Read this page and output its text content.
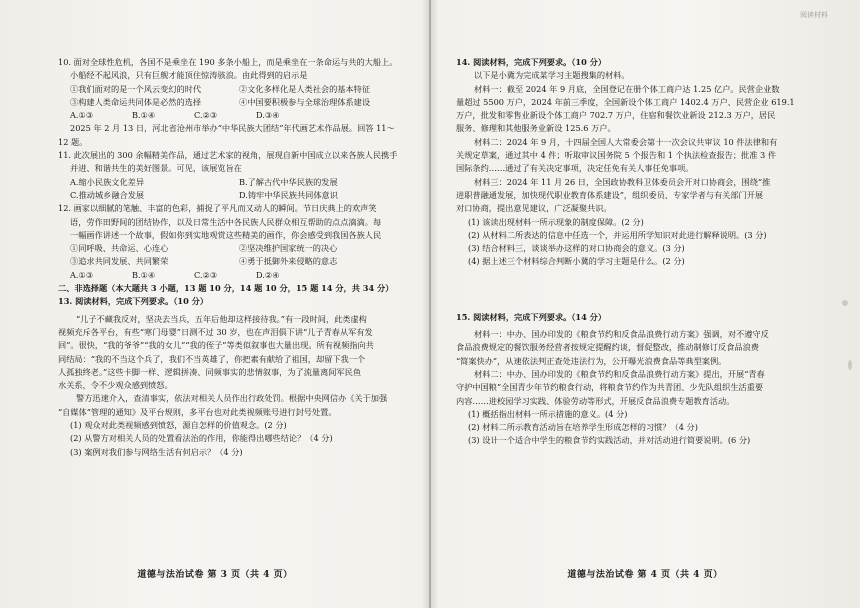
10. 面对全球性危机，各国不是乘坐在 190 多条小船上，而是乘坐在一条命运与共的大船上。
小船经不起风浪，只有巨舰才能顶住惊涛骇浪。由此得到的启示是
①我们面对的是一个风云变幻的时代	②文化多样化是人类社会的基本特征
③构建人类命运共同体是必然的选择	④中国要积极参与全球治理体系建设
A.①③	B.①④	C.②③	D.③④
2025 年 2 月 13 日，河北省沧州市举办“中华民族大团结”年代画艺术作品展。回答 11～
12 题。
11. 此次展出的 300 余幅精美作品，通过艺术家的视角，展现自新中国成立以来各族人民携手
并进、和谐共生的美好图景。可见，该展览旨在
A.缩小民族文化差异	B.了解古代中华民族的发展
C.推动城乡融合发展	D.铸牢中华民族共同体意识
12. 画家以细腻的笔触、丰富的色彩，捕捉了平凡而又动人的瞬间。节日庆典上的欢声笑
语，劳作田野间的团结协作，以及日常生活中各民族人民群众相互帮助的点点滴滴。每
一幅画作讲述一个故事，假如你到实地观赏这些精美的画作，你会感受到我国各族人民
①同呼吸、共命运、心连心	②坚决维护国家统一的决心
③追求共同发展、共同繁荣	④勇于抵御外来侵略的意志
A.①③	B.①④	C.②③	D.②④
二、非选择题（本大题共 3 小题，13 题 10 分，14 题 10 分，15 题 14 分，共 34 分）
13. 阅读材料，完成下列要求。（10 分）
“儿子不藏我反对，坚决去当兵，五年后他却这样接待我。”有一段时间，此类虚构
视频充斥各平台，有些“寒门母婴”日测不过 30 岁，也在声泪俱下讲“儿子青春从军有发
回”。很快，“我的爷爷”“我的女儿”“我的侄子”等类似叙事也大量出现。所有视频指向共
同结局：“我的不当这个兵了，我们不当英雄了，你把素有献给了祖国，却留下我一个
人孤独终老。”这些卡脚一样、逻辑拼凑、同频事实的悲情叙事，为了流量离间军民鱼
水关系，令不少观众感到愤怒。
警方迅速介入，查清事实，依法对相关人员作出行政处罚。根据中央网信办《关于加强
“自媒体”管理的通知》及平台规则，多平台也对此类视频账号进行封号处置。
(1) 观众对此类视频感到愤怒，源自怎样的价值观念。(2 分)
(2) 从警方对相关人员的处置看法治的作用，你能得出哪些结论？（4 分)
(3) 案例对我们参与网络生活有何启示？（4 分)
道德与法治试卷 第 3 页（共 4 页）
阅读材料
14. 阅读材料，完成下列要求。（10 分）
以下是小冀为完成某学习主题搜集的材料。
材料一：截至 2024 年 9 月底，全国登记在册个体工商户达 1.25 亿户。民营企业数
量超过 5500 万户，2024 年前三季度，全国新设个体工商户 1402.4 万户、民营企业 619.1
万户，批发和零售业新设个体工商户 702.7 万户，住宿和餐饮业新设 212.3 万户，居民
服务、修理和其他服务业新设 125.6 万户。
材料二：2024 年 9 月，十四届全国人大常委会第十一次会议共审议 10 件法律和有
关规定草案，通过其中 4 件；听取审议国务院 5 个报告和 1 个执法检查报告；批准 3 件
国际条约……通过了有关决定事项，决定任免有关人事任免事项。
材料三：2024 年 11 月 26 日，全国政协教科卫体委员会开对口协商会，围绕“推
进职普融通发展，加快现代职业教育体系建设”，组织委员、专家学者与有关部门开展
对口协商，提出意见建议，广泛凝聚共识。
(1) 该读出现材料一所示现象的制度保障。(2 分)
(2) 从材料二所表达的信息中任选一个，并运用所学知识对此进行解释说明。(3 分)
(3) 结合材料三，谈谈举办这样的对口协商会的意义。(3 分)
(4) 据上述三个材料综合判断小冀的学习主题是什么。(2 分)
15. 阅读材料，完成下列要求。（14 分）
材料一：中办、国办印发的《粮食节约和反食品浪费行动方案》强调，对不遵守反
食品浪费规定的餐饮服务经营者按规定提醒约谈，督促整改，推动制修订反食品浪费
“简案快办”，从速依法判正查处违法行为，公开曝光浪费食品等典型案例。
材料二：中办、国办印发的《粮食节约和反食品浪费行动方案》提出，开展“青春
守护中国粮”全国青少年节约粮食行动，将粮食节约作为共青团、少先队组织生活重要
内容……进校园学习实践、体验劳动等形式，开展反食品浪费专题教育活动。
(1) 概括指出材料一所示措施的意义。(4 分)
(2) 材料二所示教育活动旨在培养学生形成怎样的习惯？（4 分)
(3) 设计一个适合中学生的粮食节约实践活动，并对活动进行简要说明。(6 分)
道德与法治试卷 第 4 页（共 4 页）
